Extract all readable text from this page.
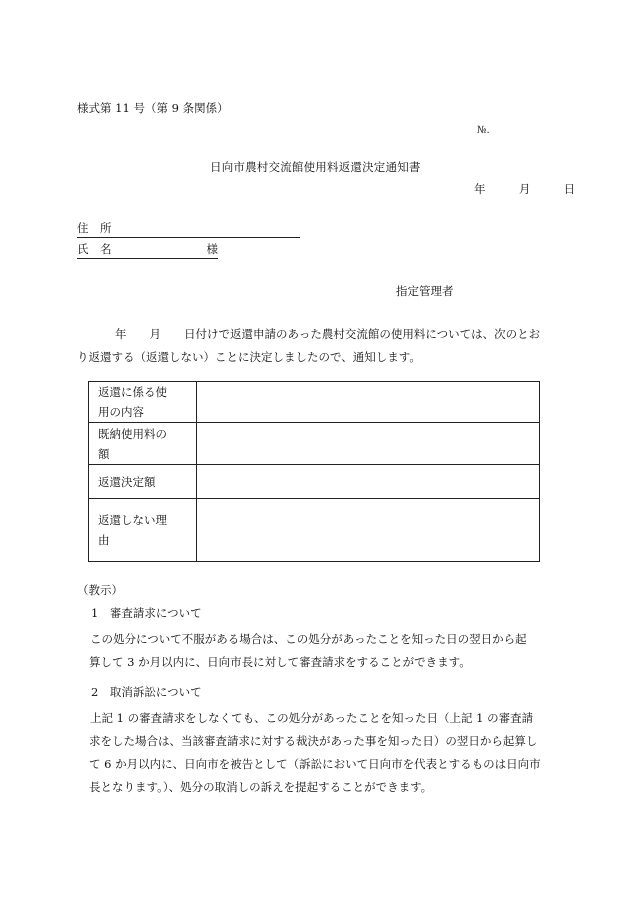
様式第 11 号（第 9 条関係）
№.
日向市農村交流館使用料返還決定通知書
年	月	日
住　所
氏　名	様
指定管理者
年　　月　　日付けで返還申請のあった農村交流館の使用料については、次のとお
り返還する（返還しない）ことに決定しましたので、通知します。
返還に係る使
用の内容	

既納使用料の
額	

返還決定額	

返還しない理
由	

（教示）
1　審査請求について
この処分について不服がある場合は、この処分があったことを知った日の翌日から起
算して 3 か月以内に、日向市長に対して審査請求をすることができます。
2　取消訴訟について
上記 1 の審査請求をしなくても、この処分があったことを知った日（上記 1 の審査請
求をした場合は、当該審査請求に対する裁決があった事を知った日）の翌日から起算し
て 6 か月以内に、日向市を被告として（訴訟において日向市を代表とするものは日向市
長となります。）、処分の取消しの訴えを提起することができます。
